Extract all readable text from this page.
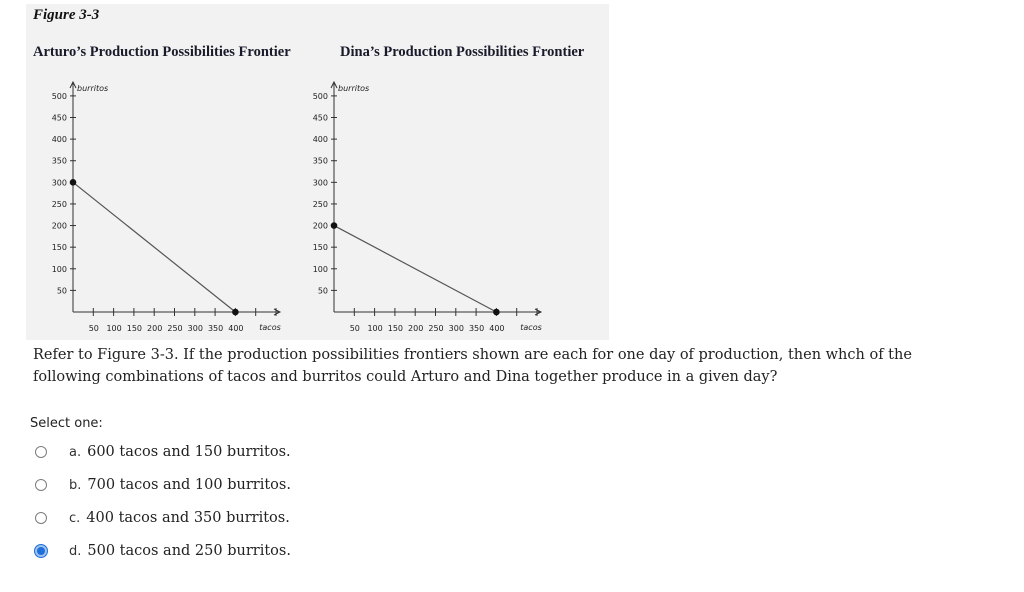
Figure 3-3
Arturo’s Production Possibilities Frontier	Dina’s Production Possibilities Frontier
50
100
150
200
250
300
350
400
450
500
50 100 150 200 250 300 350 400
burritos
tacos
50
100
150
200
250
300
350
400
450
500
50 100 150 200 250 300 350 400
burritos
tacos
Refer to Figure 3-3. If the production possibilities frontiers shown are each for one day of production, then whch of the
following combinations of tacos and burritos could Arturo and Dina together produce in a given day?
Select one:
a. 600 tacos and 150 burritos.
b. 700 tacos and 100 burritos.
c. 400 tacos and 350 burritos.
d. 500 tacos and 250 burritos.
